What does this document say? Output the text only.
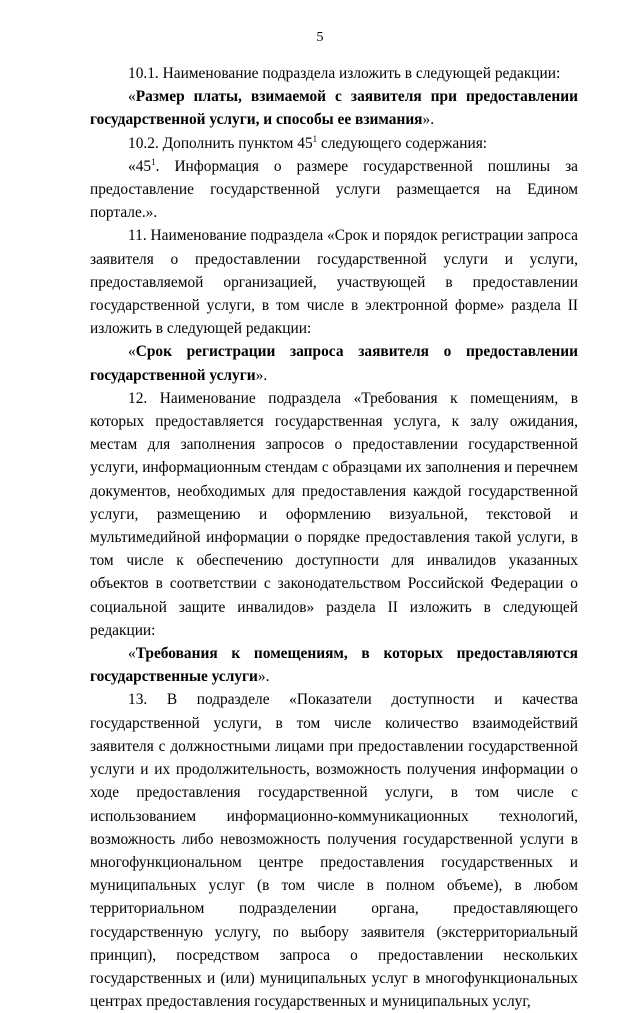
5

10.1. Наименование подраздела изложить в следующей редакции:

«Размер платы, взимаемой с заявителя при предоставлении государственной услуги, и способы ее взимания».

10.2. Дополнить пунктом $45^1$ следующего содержания:

«$45^1$. Информация о размере государственной пошлины за предоставление государственной услуги размещается на Едином портале.».

11. Наименование подраздела «Срок и порядок регистрации запроса заявителя о предоставлении государственной услуги и услуги, предоставляемой организацией, участвующей в предоставлении государственной услуги, в том числе в электронной форме» раздела II изложить в следующей редакции:

«Срок регистрации запроса заявителя о предоставлении государственной услуги».

12. Наименование подраздела «Требования к помещениям, в которых предоставляется государственная услуга, к залу ожидания, местам для заполнения запросов о предоставлении государственной услуги, информационным стендам с образцами их заполнения и перечнем документов, необходимых для предоставления каждой государственной услуги, размещению и оформлению визуальной, текстовой и мультимедийной информации о порядке предоставления такой услуги, в том числе к обеспечению доступности для инвалидов указанных объектов в соответствии с законодательством Российской Федерации о социальной защите инвалидов» раздела II изложить в следующей редакции:

«Требования к помещениям, в которых предоставляются государственные услуги».

13. В подразделе «Показатели доступности и качества государственной услуги, в том числе количество взаимодействий заявителя с должностными лицами при предоставлении государственной услуги и их продолжительность, возможность получения информации о ходе предоставления государственной услуги, в том числе с использованием информационно-коммуникационных технологий, возможность либо невозможность получения государственной услуги в многофункциональном центре предоставления государственных и муниципальных услуг (в том числе в полном объеме), в любом территориальном подразделении органа, предоставляющего государственную услугу, по выбору заявителя (экстерриториальный принцип), посредством запроса о предоставлении нескольких государственных и (или) муниципальных услуг в многофункциональных центрах предоставления государственных и муниципальных услуг,
